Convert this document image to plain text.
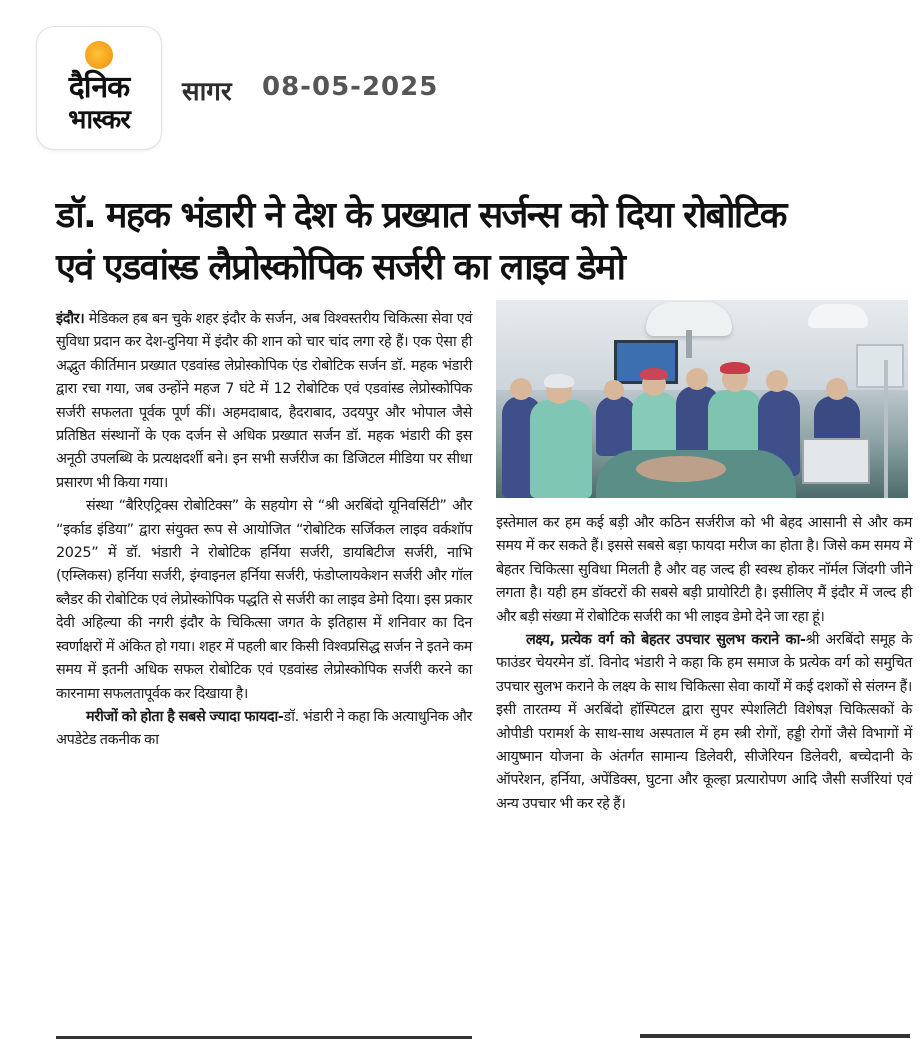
दैनिक
भास्कर
सागर 08-05-2025
डॉ. महक भंडारी ने देश के प्रख्यात सर्जन्स को दिया रोबोटिक
एवं एडवांस्ड लैप्रोस्कोपिक सर्जरी का लाइव डेमो

इंदौर। मेडिकल हब बन चुके शहर इंदौर के सर्जन, अब विश्वस्तरीय चिकित्सा सेवा एवं सुविधा प्रदान कर देश-दुनिया में इंदौर की शान को चार चांद लगा रहे हैं। एक ऐसा ही अद्भुत कीर्तिमान प्रख्यात एडवांस्ड लेप्रोस्कोपिक एंड रोबोटिक सर्जन डॉ. महक भंडारी द्वारा रचा गया, जब उन्होंने महज 7 घंटे में 12 रोबोटिक एवं एडवांस्ड लेप्रोस्कोपिक सर्जरी सफलता पूर्वक पूर्ण कीं। अहमदाबाद, हैदराबाद, उदयपुर और भोपाल जैसे प्रतिष्ठित संस्थानों के एक दर्जन से अधिक प्रख्यात सर्जन डॉ. महक भंडारी की इस अनूठी उपलब्धि के प्रत्यक्षदर्शी बने। इन सभी सर्जरीज का डिजिटल मीडिया पर सीधा प्रसारण भी किया गया।

संस्था “बैरिएट्रिक्स रोबोटिक्स” के सहयोग से “श्री अरबिंदो यूनिवर्सिटी” और “इर्काड इंडिया” द्वारा संयुक्त रूप से आयोजित “रोबोटिक सर्जिकल लाइव वर्कशॉप 2025” में डॉ. भंडारी ने रोबोटिक हर्निया सर्जरी, डायबिटीज सर्जरी, नाभि (एम्लिकस) हर्निया सर्जरी, इंग्वाइनल हर्निया सर्जरी, फंडोप्लायकेशन सर्जरी और गॉल ब्लैडर की रोबोटिक एवं लेप्रोस्कोपिक पद्धति से सर्जरी का लाइव डेमो दिया। इस प्रकार देवी अहिल्या की नगरी इंदौर के चिकित्सा जगत के इतिहास में शनिवार का दिन स्वर्णाक्षरों में अंकित हो गया। शहर में पहली बार किसी विश्वप्रसिद्ध सर्जन ने इतने कम समय में इतनी अधिक सफल रोबोटिक एवं एडवांस्ड लेप्रोस्कोपिक सर्जरी करने का कारनामा सफलतापूर्वक कर दिखाया है।

मरीजों को होता है सबसे ज्यादा फायदा-डॉ. भंडारी ने कहा कि अत्याधुनिक और अपडेटेड तकनीक का

इस्तेमाल कर हम कई बड़ी और कठिन सर्जरीज को भी बेहद आसानी से और कम समय में कर सकते हैं। इससे सबसे बड़ा फायदा मरीज का होता है। जिसे कम समय में बेहतर चिकित्सा सुविधा मिलती है और वह जल्द ही स्वस्थ होकर नॉर्मल जिंदगी जीने लगता है। यही हम डॉक्टरों की सबसे बड़ी प्रायोरिटी है। इसीलिए मैं इंदौर में जल्द ही और बड़ी संख्या में रोबोटिक सर्जरी का भी लाइव डेमो देने जा रहा हूं।

लक्ष्य, प्रत्येक वर्ग को बेहतर उपचार सुलभ कराने का-श्री अरबिंदो समूह के फाउंडर चेयरमेन डॉ. विनोद भंडारी ने कहा कि हम समाज के प्रत्येक वर्ग को समुचित उपचार सुलभ कराने के लक्ष्य के साथ चिकित्सा सेवा कार्यों में कई दशकों से संलग्न हैं। इसी तारतम्य में अरबिंदो हॉस्पिटल द्वारा सुपर स्पेशलिटी विशेषज्ञ चिकित्सकों के ओपीडी परामर्श के साथ-साथ अस्पताल में हम स्त्री रोगों, हड्डी रोगों जैसे विभागों में आयुष्मान योजना के अंतर्गत सामान्य डिलेवरी, सीजेरियन डिलेवरी, बच्चेदानी के ऑपरेशन, हर्निया, अपेंडिक्स, घुटना और कूल्हा प्रत्यारोपण आदि जैसी सर्जरियां एवं अन्य उपचार भी कर रहे हैं।
